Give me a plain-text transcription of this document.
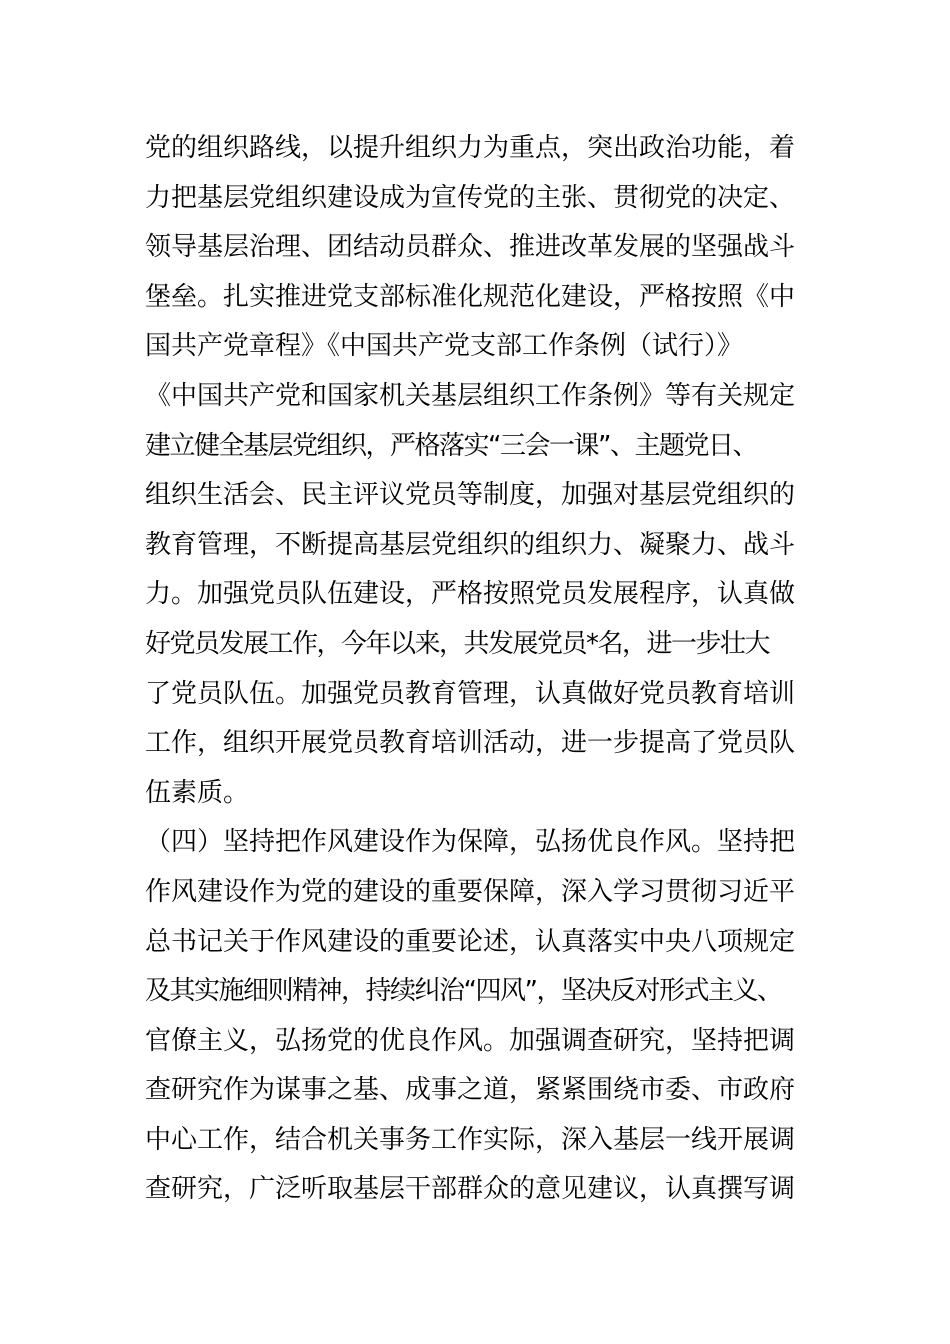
党的组织路线，以提升组织力为重点，突出政治功能，着
力把基层党组织建设成为宣传党的主张、贯彻党的决定、
领导基层治理、团结动员群众、推进改革发展的坚强战斗
堡垒。扎实推进党支部标准化规范化建设，严格按照《中
国共产党章程》《中国共产党支部工作条例（试行）》
《中国共产党和国家机关基层组织工作条例》等有关规定
建立健全基层党组织，严格落实“三会一课”、主题党日、
组织生活会、民主评议党员等制度，加强对基层党组织的
教育管理，不断提高基层党组织的组织力、凝聚力、战斗
力。加强党员队伍建设，严格按照党员发展程序，认真做
好党员发展工作，今年以来，共发展党员*名，进一步壮大
了党员队伍。加强党员教育管理，认真做好党员教育培训
工作，组织开展党员教育培训活动，进一步提高了党员队
伍素质。
（四）坚持把作风建设作为保障，弘扬优良作风。坚持把
作风建设作为党的建设的重要保障，深入学习贯彻习近平
总书记关于作风建设的重要论述，认真落实中央八项规定
及其实施细则精神，持续纠治“四风”，坚决反对形式主义、
官僚主义，弘扬党的优良作风。加强调查研究，坚持把调
查研究作为谋事之基、成事之道，紧紧围绕市委、市政府
中心工作，结合机关事务工作实际，深入基层一线开展调
查研究，广泛听取基层干部群众的意见建议，认真撰写调
